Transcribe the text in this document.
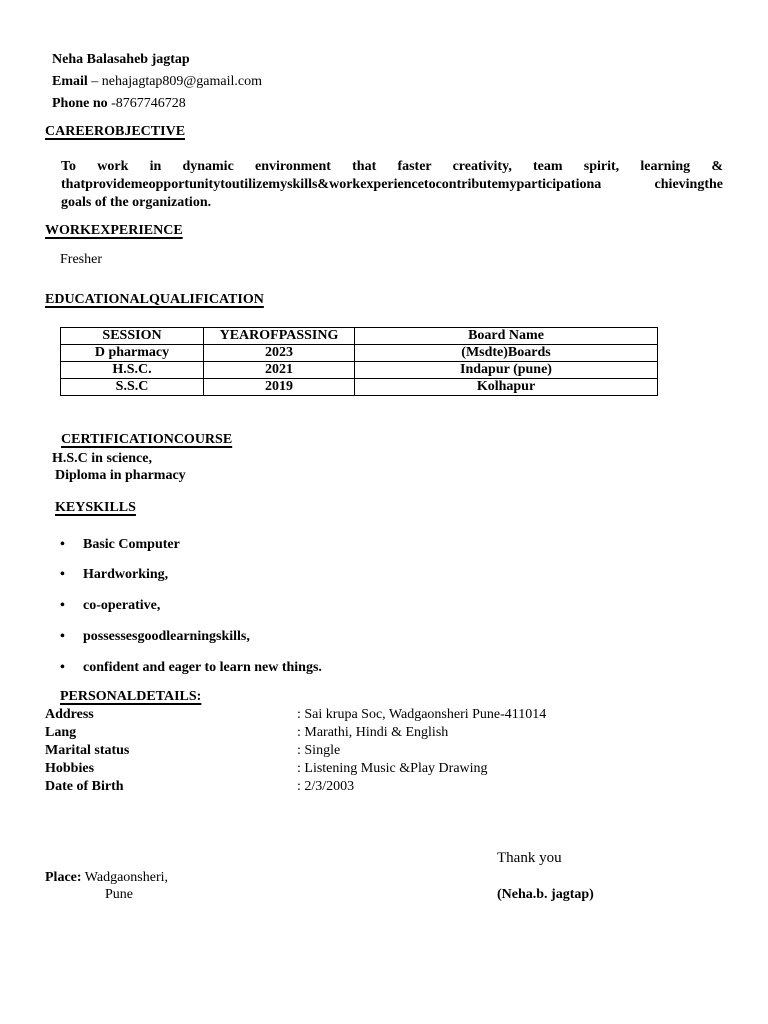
Neha Balasaheb jagtap
Email – nehajagtap809@gamail.com
Phone no -8767746728
CAREEROBJECTIVE
To work in dynamic environment that faster creativity, team spirit, learning &
thatprovidemeopportunitytoutilizemyskills&workexperiencetocontributemyparticipationa chievingthe
goals of the organization.
WORKEXPERIENCE
Fresher
EDUCATIONALQUALIFICATION
SESSION	YEAROFPASSING	Board Name
D pharmacy	2023	(Msdte)Boards
H.S.C.	2021	Indapur (pune)
S.S.C	2019	Kolhapur
CERTIFICATIONCOURSE
H.S.C in science,
Diploma in pharmacy
KEYSKILLS
• Basic Computer
• Hardworking,
• co-operative,
• possessesgoodlearningskills,
• confident and eager to learn new things.
PERSONALDETAILS:
Address	: Sai krupa Soc, Wadgaonsheri Pune-411014
Lang	: Marathi, Hindi & English
Marital status	: Single
Hobbies	: Listening Music &Play Drawing
Date of Birth	: 2/3/2003
Thank you
Place: Wadgaonsheri,
Pune	(Neha.b. jagtap)
